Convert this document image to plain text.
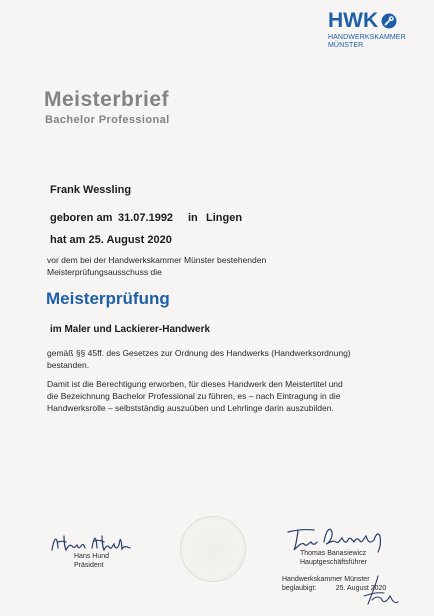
HWK
HANDWERKSKAMMER
MÜNSTER
Meisterbrief
Bachelor Professional
Frank Wessling
geboren am 31.07.1992 in Lingen
hat am 25. August 2020
vor dem bei der Handwerkskammer Münster bestehenden
Meisterprüfungsausschuss die
Meisterprüfung
im Maler und Lackierer-Handwerk
gemäß §§ 45ff. des Gesetzes zur Ordnung des Handwerks (Handwerksordnung)
bestanden.
Damit ist die Berechtigung erworben, für dieses Handwerk den Meistertitel und
die Bezeichnung Bachelor Professional zu führen, es – nach Eintragung in die
Handwerksrolle – selbstständig auszuüben und Lehrlinge darin auszubilden.
Hans Hund
Präsident
Thomas Banasiewicz
Hauptgeschäftsführer
Handwerkskammer Münster
beglaubigt:	25. August 2020
